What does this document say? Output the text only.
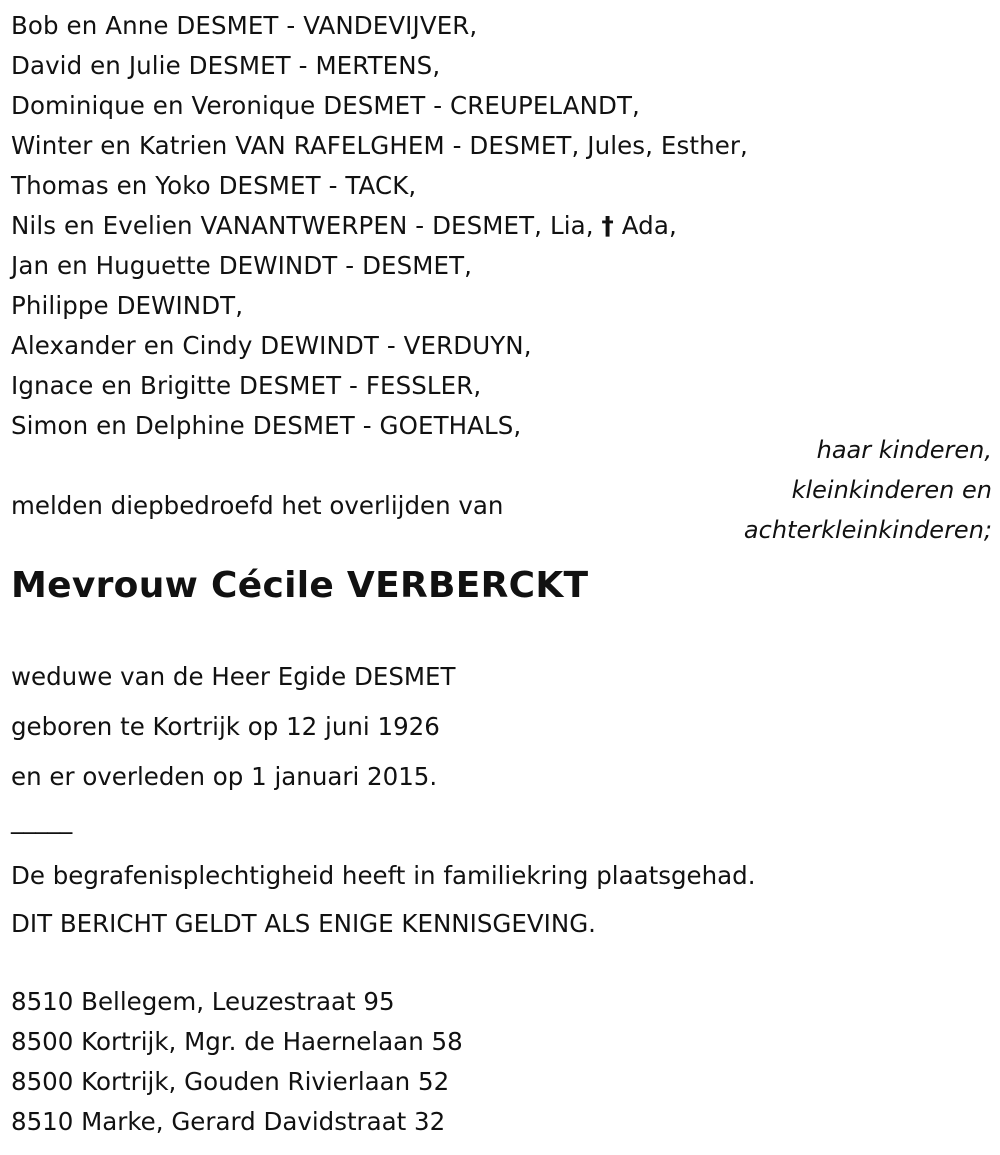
Bob en Anne DESMET - VANDEVIJVER,
David en Julie DESMET - MERTENS,
Dominique en Veronique DESMET - CREUPELANDT,
Winter en Katrien VAN RAFELGHEM - DESMET, Jules, Esther,
Thomas en Yoko DESMET - TACK,
Nils en Evelien VANANTWERPEN - DESMET, Lia, † Ada,
Jan en Huguette DEWINDT - DESMET,
Philippe DEWINDT,
Alexander en Cindy DEWINDT - VERDUYN,
Ignace en Brigitte DESMET - FESSLER,
Simon en Delphine DESMET - GOETHALS,
haar kinderen,
kleinkinderen en
achterkleinkinderen;
melden diepbedroefd het overlijden van
Mevrouw Cécile VERBERCKT
weduwe van de Heer Egide DESMET
geboren te Kortrijk op 12 juni 1926
en er overleden op 1 januari 2015.
_____
De begrafenisplechtigheid heeft in familiekring plaatsgehad.
DIT BERICHT GELDT ALS ENIGE KENNISGEVING.
8510 Bellegem, Leuzestraat 95
8500 Kortrijk, Mgr. de Haernelaan 58
8500 Kortrijk, Gouden Rivierlaan 52
8510 Marke, Gerard Davidstraat 32
